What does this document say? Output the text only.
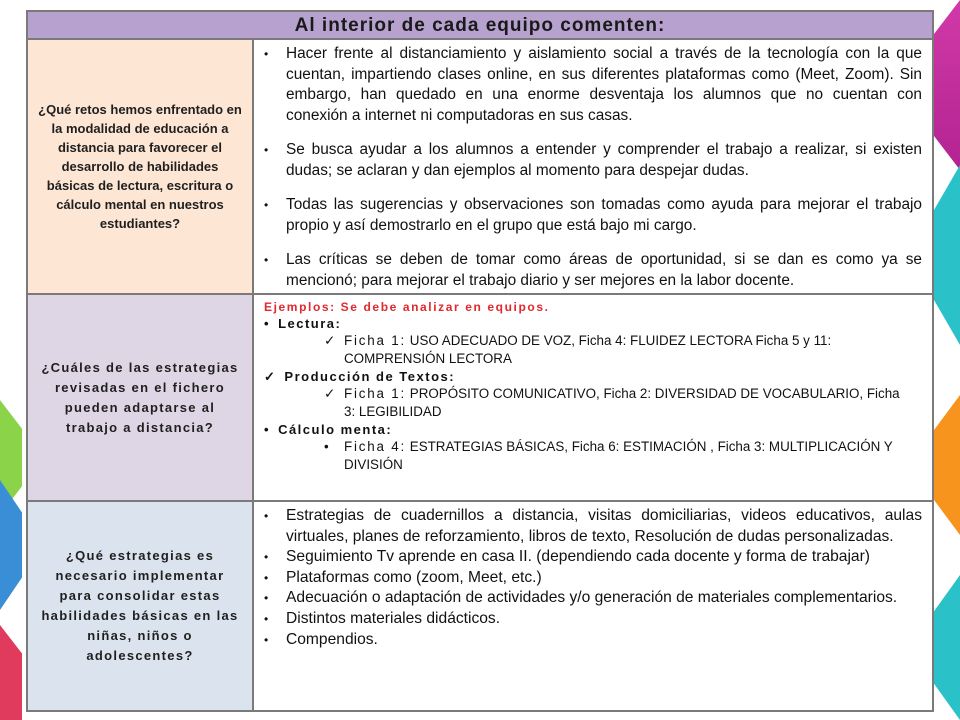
Al interior de cada equipo comenten:
¿Qué retos hemos enfrentado en la modalidad de educación a distancia para favorecer el desarrollo de habilidades básicas de lectura, escritura o cálculo mental en nuestros estudiantes?
• Hacer frente al distanciamiento y aislamiento social a través de la tecnología con la que cuentan, impartiendo clases online, en sus diferentes plataformas como (Meet, Zoom). Sin embargo, han quedado en una enorme desventaja los alumnos que no cuentan con conexión a internet ni computadoras en sus casas.
• Se busca ayudar a los alumnos a entender y comprender el trabajo a realizar, si existen dudas; se aclaran y dan ejemplos al momento para despejar dudas.
• Todas las sugerencias y observaciones son tomadas como ayuda para mejorar el trabajo propio y así demostrarlo en el grupo que está bajo mi cargo.
• Las críticas se deben de tomar como áreas de oportunidad, si se dan es como ya se mencionó; para mejorar el trabajo diario y ser mejores en la labor docente.
¿Cuáles de las estrategias revisadas en el fichero pueden adaptarse al trabajo a distancia?
Ejemplos: Se debe analizar en equipos.
• Lectura:
✓ Ficha 1: USO ADECUADO DE VOZ, Ficha 4: FLUIDEZ LECTORA Ficha 5 y 11: COMPRENSIÓN LECTORA
✓ Producción de Textos:
✓ Ficha 1: PROPÓSITO COMUNICATIVO, Ficha 2: DIVERSIDAD DE VOCABULARIO, Ficha 3: LEGIBILIDAD
• Cálculo menta:
• Ficha 4: ESTRATEGIAS BÁSICAS, Ficha 6: ESTIMACIÓN , Ficha 3: MULTIPLICACIÓN Y DIVISIÓN
¿Qué estrategias es necesario implementar para consolidar estas habilidades básicas en las niñas, niños o adolescentes?
• Estrategias de cuadernillos a distancia, visitas domiciliarias, videos educativos, aulas virtuales, planes de reforzamiento, libros de texto, Resolución de dudas personalizadas.
• Seguimiento Tv aprende en casa II. (dependiendo cada docente y forma de trabajar)
• Plataformas como (zoom, Meet, etc.)
• Adecuación o adaptación de actividades y/o generación de materiales complementarios.
• Distintos materiales didácticos.
• Compendios.
